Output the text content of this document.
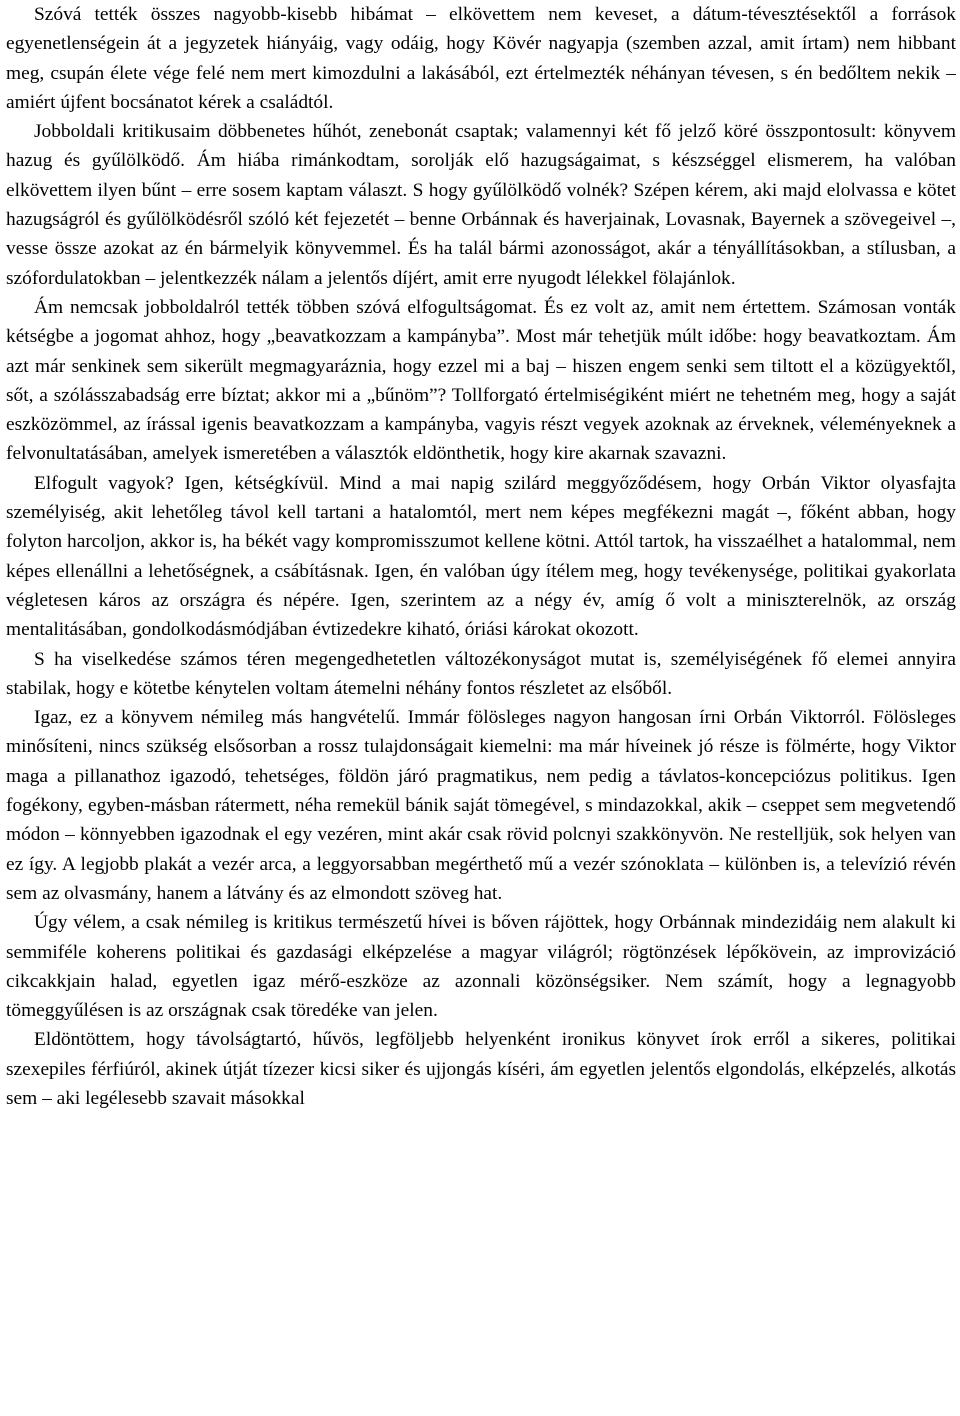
Szóvá tették összes nagyobb-kisebb hibámat – elkövettem nem keveset, a dátum-tévesztésektől a források egyenetlenségein át a jegyzetek hiányáig, vagy odáig, hogy Kövér nagyapja (szemben azzal, amit írtam) nem hibbant meg, csupán élete vége felé nem mert kimozdulni a lakásából, ezt értelmezték néhányan tévesen, s én bedőltem nekik – amiért újfent bocsánatot kérek a családtól.

Jobboldali kritikusaim döbbenetes hűhót, zenebonát csaptak; valamennyi két fő jelző köré összpontosult: könyvem hazug és gyűlölködő. Ám hiába rimánkodtam, sorolják elő hazugságaimat, s készséggel elismerem, ha valóban elkövettem ilyen bűnt – erre sosem kaptam választ. S hogy gyűlölködő volnék? Szépen kérem, aki majd elolvassa e kötet hazugságról és gyűlölködésről szóló két fejezetét – benne Orbánnak és haverjainak, Lovasnak, Bayernek a szövegeivel –, vesse össze azokat az én bármelyik könyvemmel. És ha talál bármi azonosságot, akár a tényállításokban, a stílusban, a szófordulatokban – jelentkezzék nálam a jelentős díjért, amit erre nyugodt lélekkel fölajánlok.

Ám nemcsak jobboldalról tették többen szóvá elfogultságomat. És ez volt az, amit nem értettem. Számosan vonták kétségbe a jogomat ahhoz, hogy „beavatkozzam a kampányba”. Most már tehetjük múlt időbe: hogy beavatkoztam. Ám azt már senkinek sem sikerült megmagyaráznia, hogy ezzel mi a baj – hiszen engem senki sem tiltott el a közügyektől, sőt, a szólásszabadság erre bíztat; akkor mi a „bűnöm”? Tollforgató értelmiségiként miért ne tehetném meg, hogy a saját eszközömmel, az írással igenis beavatkozzam a kampányba, vagyis részt vegyek azoknak az érveknek, véleményeknek a felvonultatásában, amelyek ismeretében a választók eldönthetik, hogy kire akarnak szavazni.

Elfogult vagyok? Igen, kétségkívül. Mind a mai napig szilárd meggyőződésem, hogy Orbán Viktor olyasfajta személyiség, akit lehetőleg távol kell tartani a hatalomtól, mert nem képes megfékezni magát –, főként abban, hogy folyton harcoljon, akkor is, ha békét vagy kompromisszumot kellene kötni. Attól tartok, ha visszaélhet a hatalommal, nem képes ellenállni a lehetőségnek, a csábításnak. Igen, én valóban úgy ítélem meg, hogy tevékenysége, politikai gyakorlata végletesen káros az országra és népére. Igen, szerintem az a négy év, amíg ő volt a miniszterelnök, az ország mentalitásában, gondolkodásmódjában évtizedekre kiható, óriási károkat okozott.

S ha viselkedése számos téren megengedhetetlen változékonyságot mutat is, személyiségének fő elemei annyira stabilak, hogy e kötetbe kénytelen voltam átemelni néhány fontos részletet az elsőből.

Igaz, ez a könyvem némileg más hangvételű. Immár fölösleges nagyon hangosan írni Orbán Viktorról. Fölösleges minősíteni, nincs szükség elsősorban a rossz tulajdonságait kiemelni: ma már híveinek jó része is fölmérte, hogy Viktor maga a pillanathoz igazodó, tehetséges, földön járó pragmatikus, nem pedig a távlatos-koncepciózus politikus. Igen fogékony, egyben-másban rátermett, néha remekül bánik saját tömegével, s mindazokkal, akik – cseppet sem megvetendő módon – könnyebben igazodnak el egy vezéren, mint akár csak rövid polcnyi szakkönyvön. Ne restelljük, sok helyen van ez így. A legjobb plakát a vezér arca, a leggyorsabban megérthető mű a vezér szónoklata – különben is, a televízió révén sem az olvasmány, hanem a látvány és az elmondott szöveg hat.

Úgy vélem, a csak némileg is kritikus természetű hívei is bőven rájöttek, hogy Orbánnak mindezidáig nem alakult ki semmiféle koherens politikai és gazdasági elképzelése a magyar világról; rögtönzések lépőkövein, az improvizáció cikcakkjain halad, egyetlen igaz mérő-eszköze az azonnali közönségsiker. Nem számít, hogy a legnagyobb tömeggyűlésen is az országnak csak töredéke van jelen.

Eldöntöttem, hogy távolságtartó, hűvös, legföljebb helyenként ironikus könyvet írok erről a sikeres, politikai szexepiles férfiúról, akinek útját tízezer kicsi siker és ujjongás kíséri, ám egyetlen jelentős elgondolás, elképzelés, alkotás sem – aki legélesebb szavait másokkal
